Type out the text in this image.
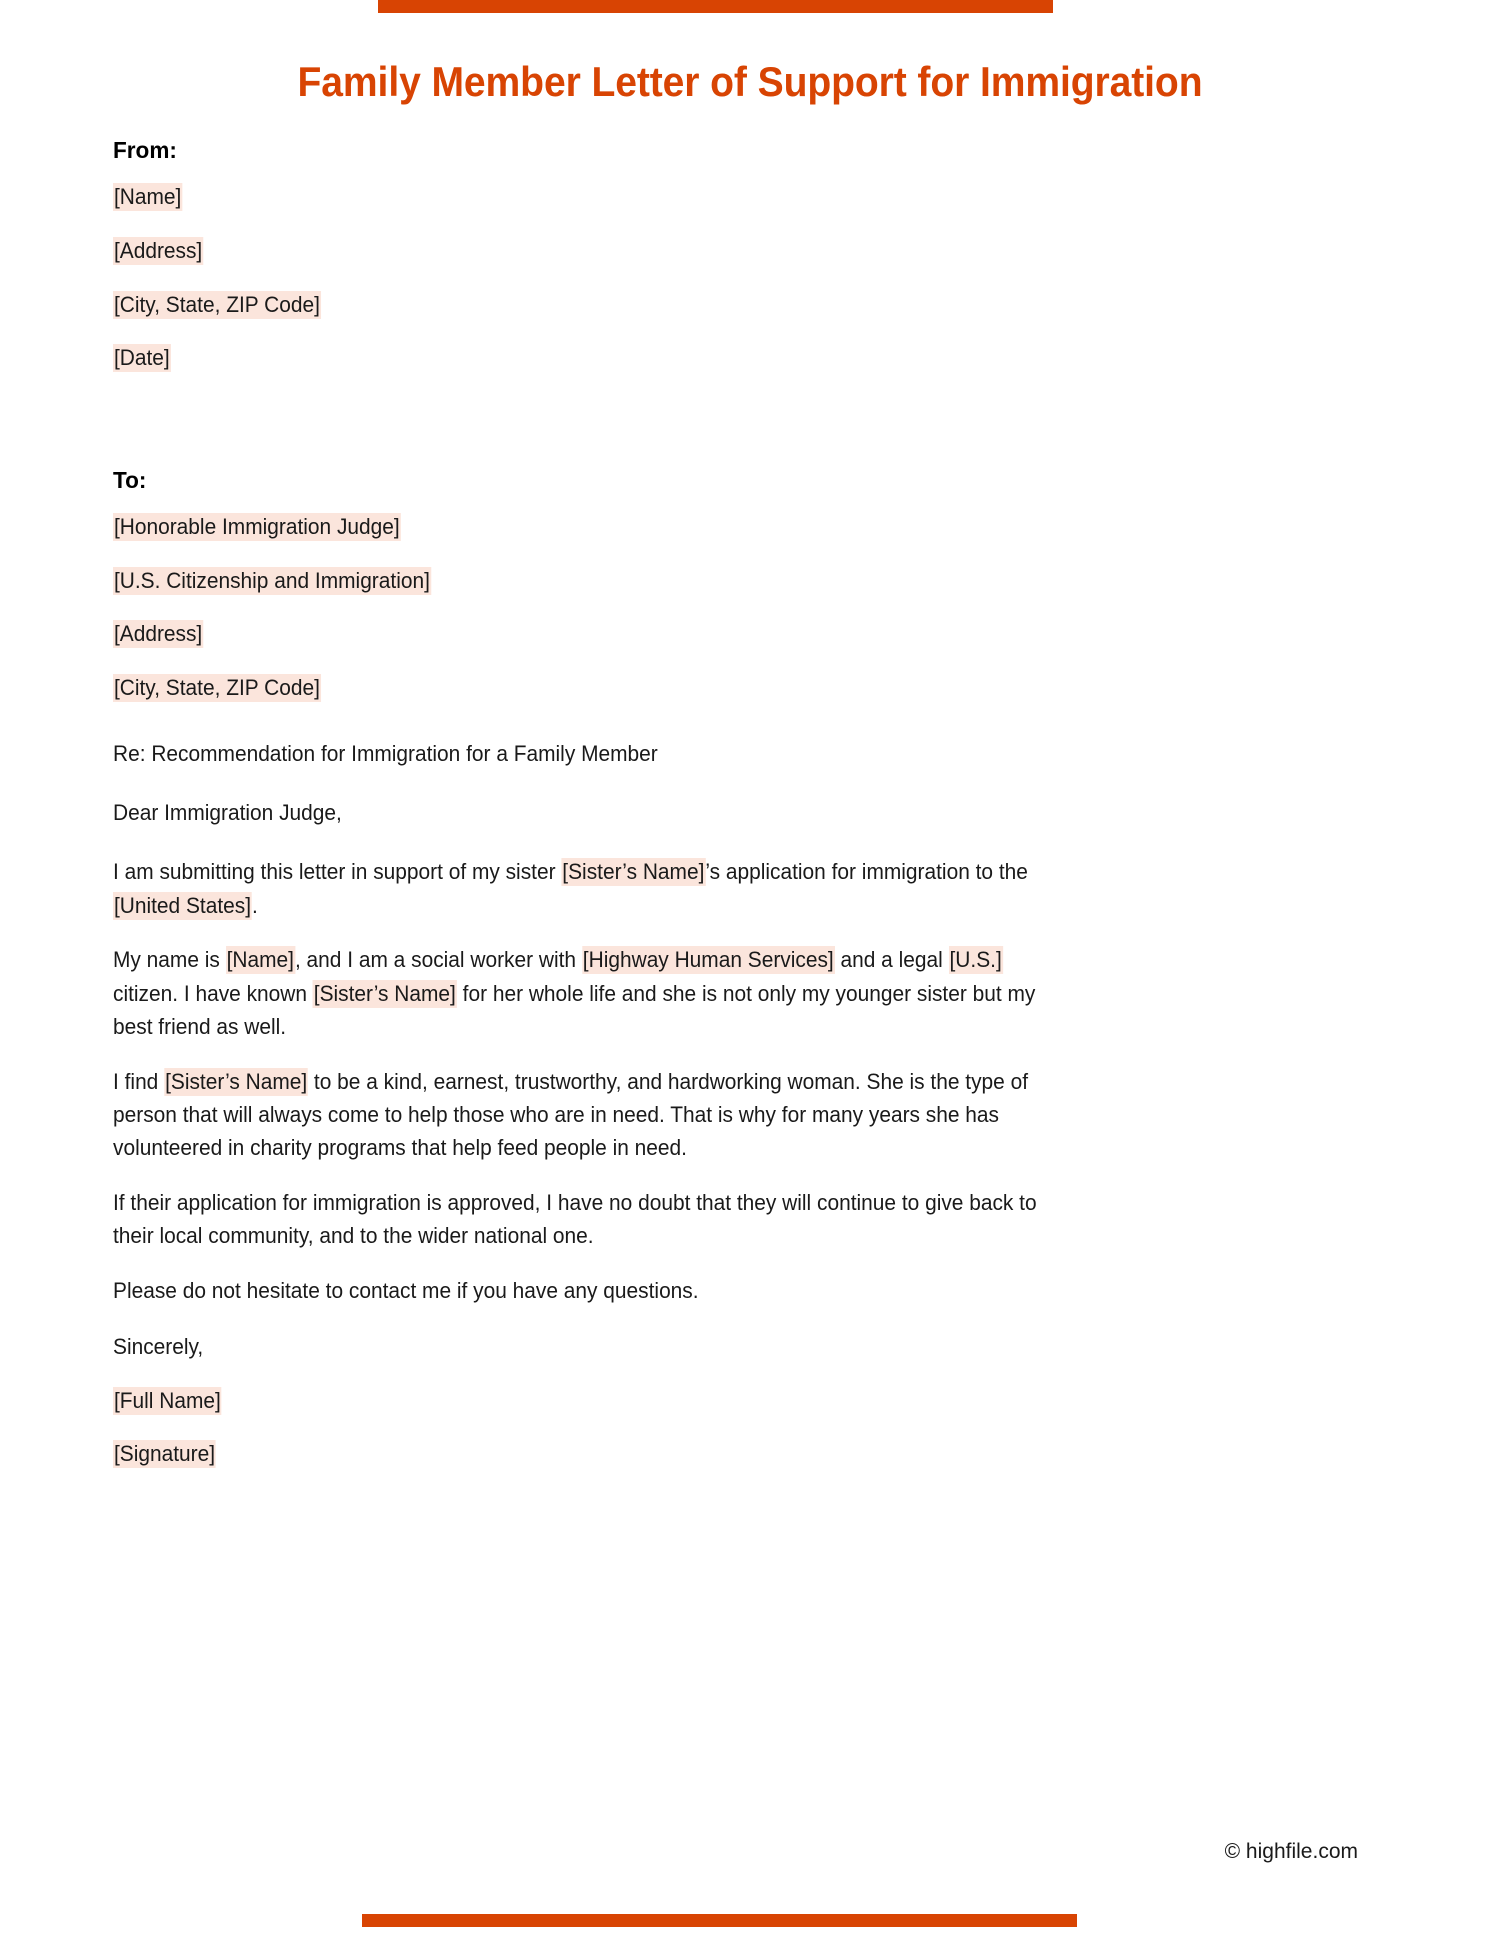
Family Member Letter of Support for Immigration
From:
[Name]
[Address]
[City, State, ZIP Code]
[Date]
To:
[Honorable Immigration Judge]
[U.S. Citizenship and Immigration]
[Address]
[City, State, ZIP Code]
Re: Recommendation for Immigration for a Family Member
Dear Immigration Judge,
I am submitting this letter in support of my sister [Sister’s Name]’s application for immigration to the [United States].
My name is [Name], and I am a social worker with [Highway Human Services] and a legal [U.S.] citizen. I have known [Sister’s Name] for her whole life and she is not only my younger sister but my best friend as well.
I find [Sister’s Name] to be a kind, earnest, trustworthy, and hardworking woman. She is the type of person that will always come to help those who are in need. That is why for many years she has volunteered in charity programs that help feed people in need.
If their application for immigration is approved, I have no doubt that they will continue to give back to their local community, and to the wider national one.
Please do not hesitate to contact me if you have any questions.
Sincerely,
[Full Name]
[Signature]
© highfile.com
